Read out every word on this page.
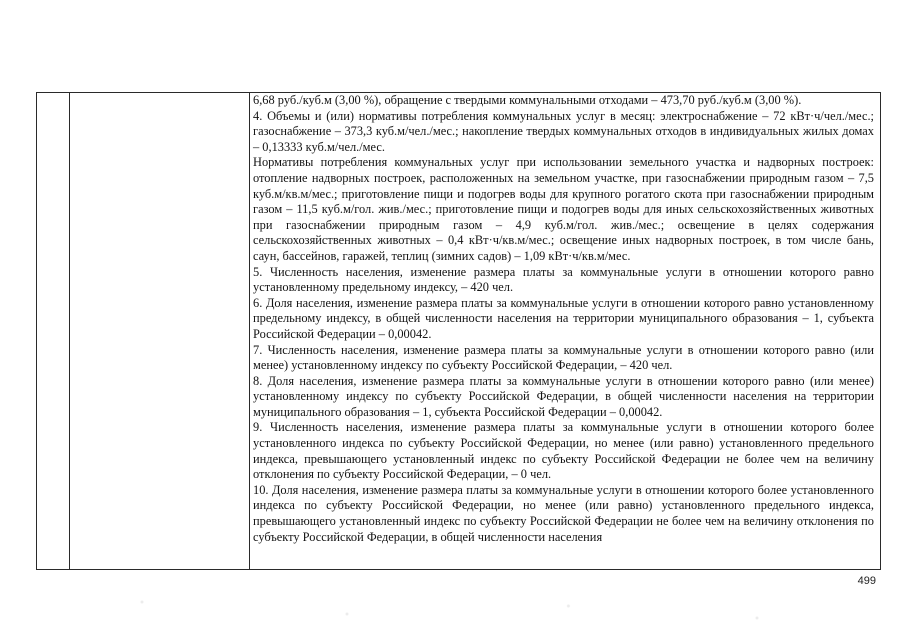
6,68 руб./куб.м (3,00 %), обращение с твердыми коммунальными отходами – 473,70 руб./куб.м (3,00 %).

4. Объемы и (или) нормативы потребления коммунальных услуг в месяц: электроснабжение – 72 кВт·ч/чел./мес.; газоснабжение – 373,3 куб.м/чел./мес.; накопление твердых коммунальных отходов в индивидуальных жилых домах – 0,13333 куб.м/чел./мес.

Нормативы потребления коммунальных услуг при использовании земельного участка и надворных построек: отопление надворных построек, расположенных на земельном участке, при газоснабжении природным газом – 7,5 куб.м/кв.м/мес.; приготовление пищи и подогрев воды для крупного рогатого скота при газоснабжении природным газом – 11,5 куб.м/гол. жив./мес.; приготовление пищи и подогрев воды для иных сельскохозяйственных животных при газоснабжении природным газом – 4,9 куб.м/гол. жив./мес.; освещение в целях содержания сельскохозяйственных животных – 0,4 кВт·ч/кв.м/мес.; освещение иных надворных построек, в том числе бань, саун, бассейнов, гаражей, теплиц (зимних садов) – 1,09 кВт·ч/кв.м/мес.

5. Численность населения, изменение размера платы за коммунальные услуги в отношении которого равно установленному предельному индексу, – 420 чел.

6. Доля населения, изменение размера платы за коммунальные услуги в отношении которого равно установленному предельному индексу, в общей численности населения на территории муниципального образования – 1, субъекта Российской Федерации – 0,00042.

7. Численность населения, изменение размера платы за коммунальные услуги в отношении которого равно (или менее) установленному индексу по субъекту Российской Федерации, – 420 чел.

8. Доля населения, изменение размера платы за коммунальные услуги в отношении которого равно (или менее) установленному индексу по субъекту Российской Федерации, в общей численности населения на территории муниципального образования – 1, субъекта Российской Федерации – 0,00042.

9. Численность населения, изменение размера платы за коммунальные услуги в отношении которого более установленного индекса по субъекту Российской Федерации, но менее (или равно) установленного предельного индекса, превышающего установленный индекс по субъекту Российской Федерации не более чем на величину отклонения по субъекту Российской Федерации, – 0 чел.

10. Доля населения, изменение размера платы за коммунальные услуги в отношении которого более установленного индекса по субъекту Российской Федерации, но менее (или равно) установленного предельного индекса, превышающего установленный индекс по субъекту Российской Федерации не более чем на величину отклонения по субъекту Российской Федерации, в общей численности населения

499
